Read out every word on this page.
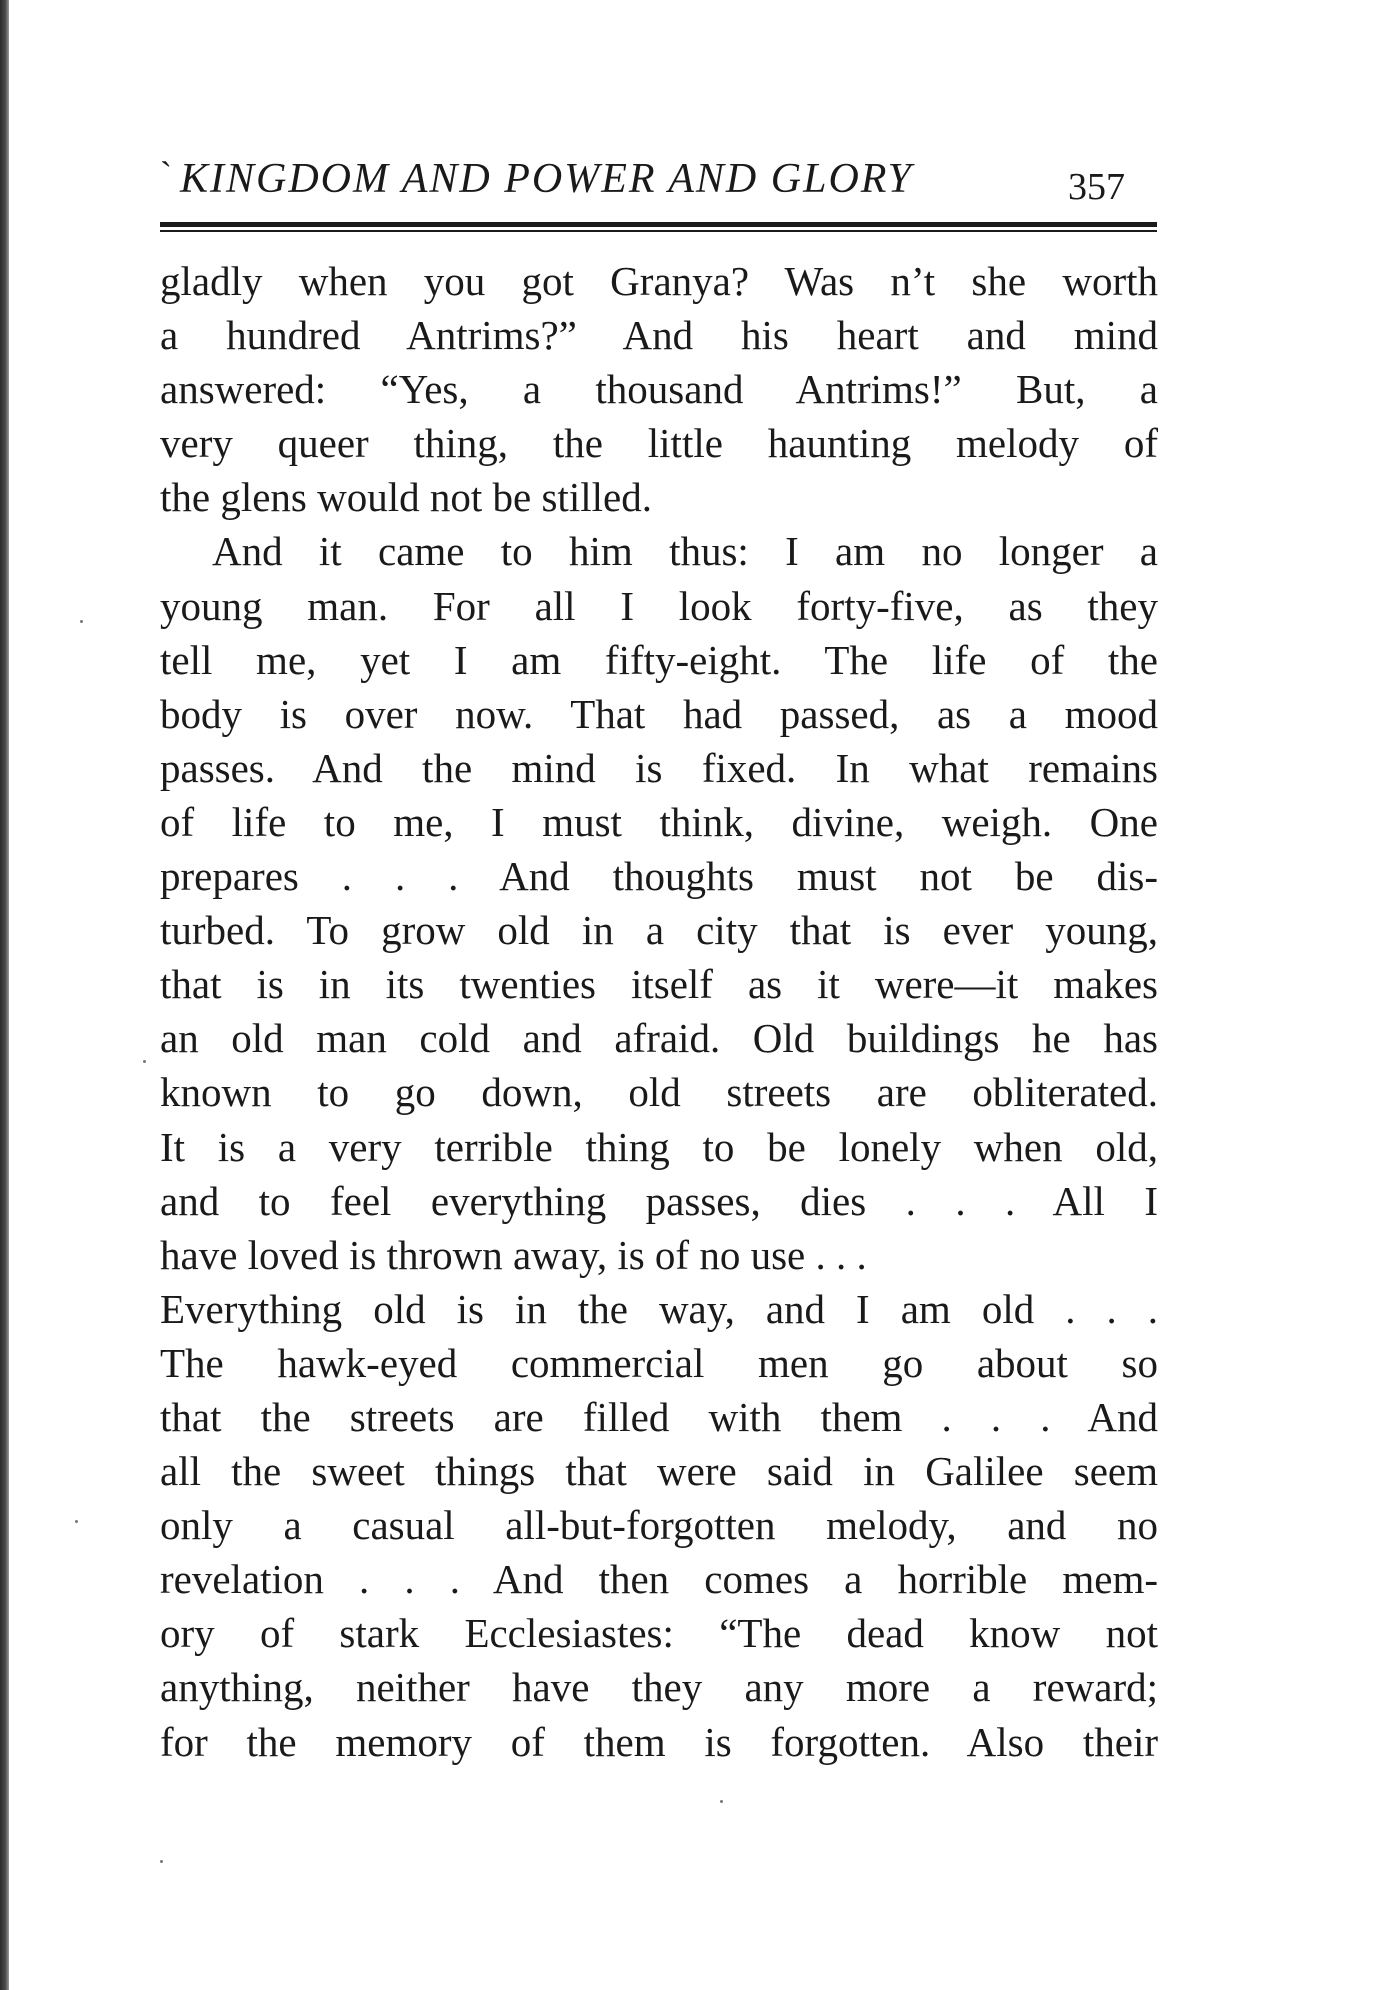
` KINGDOM AND POWER AND GLORY	357
gladly when you got Granya? Was n’t she worth
a hundred Antrims?” And his heart and mind
answered: “Yes, a thousand Antrims!” But, a
very queer thing, the little haunting melody of
the glens would not be stilled.
And it came to him thus: I am no longer a
young man. For all I look forty-five, as they
tell me, yet I am fifty-eight. The life of the
body is over now. That had passed, as a mood
passes. And the mind is fixed. In what remains
of life to me, I must think, divine, weigh. One
prepares . . . And thoughts must not be dis-
turbed. To grow old in a city that is ever young,
that is in its twenties itself as it were—it makes
an old man cold and afraid. Old buildings he has
known to go down, old streets are obliterated.
It is a very terrible thing to be lonely when old,
and to feel everything passes, dies . . . All I
have loved is thrown away, is of no use . . .
Everything old is in the way, and I am old . . .
The hawk-eyed commercial men go about so
that the streets are filled with them . . . And
all the sweet things that were said in Galilee seem
only a casual all-but-forgotten melody, and no
revelation . . . And then comes a horrible mem-
ory of stark Ecclesiastes: “The dead know not
anything, neither have they any more a reward;
for the memory of them is forgotten. Also their
